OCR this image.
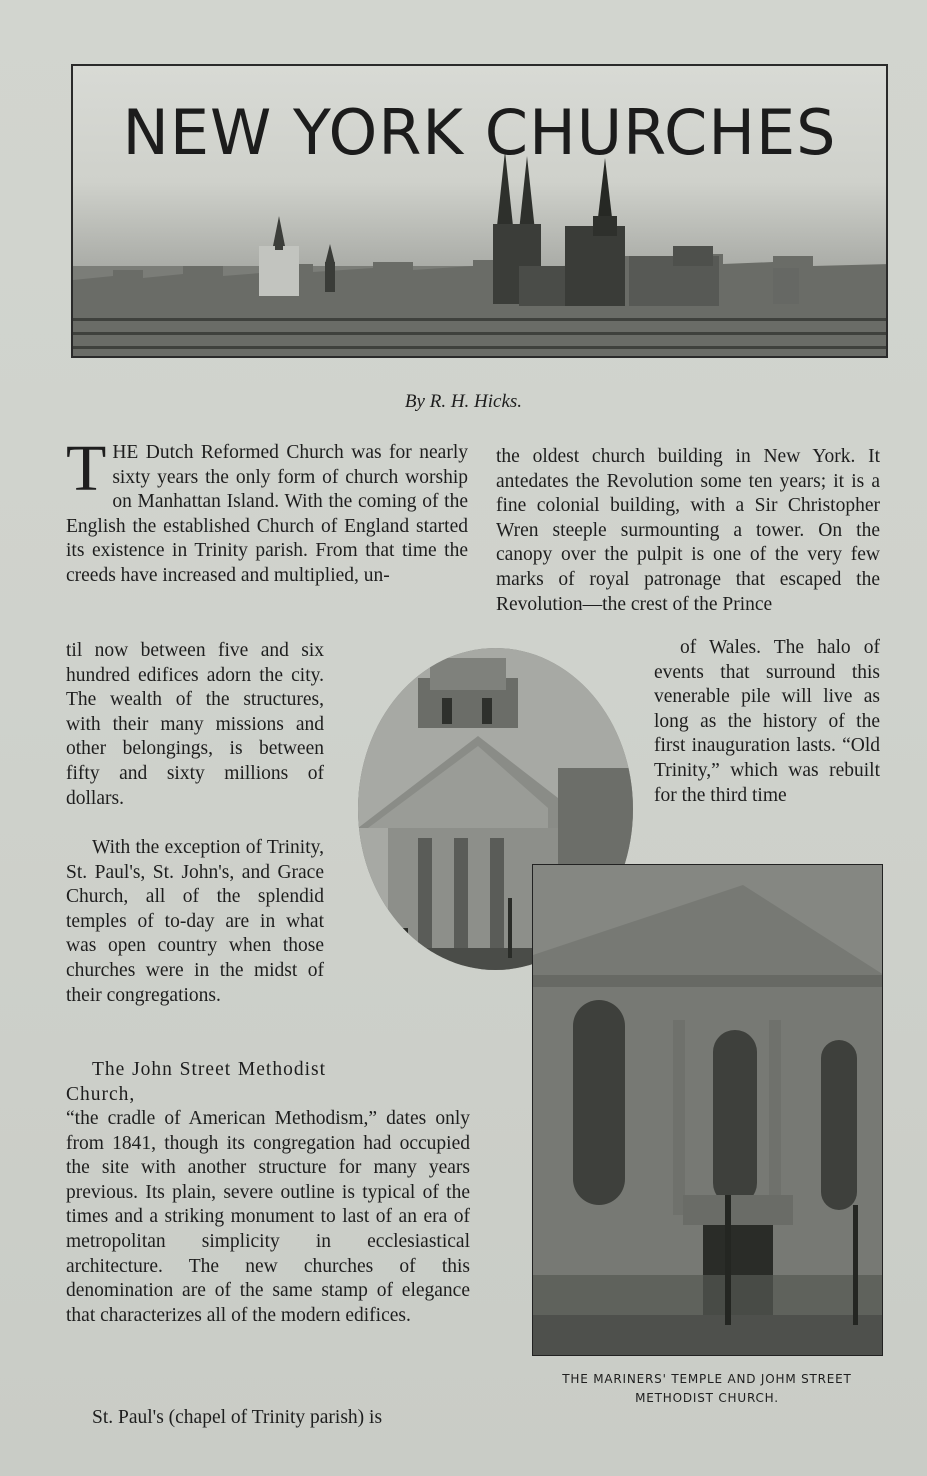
NEW YORK CHURCHES

By R. H. Hicks.

THE Dutch Reformed Church was for nearly sixty years the only form of church worship on Manhattan Island. With the coming of the English the established Church of England started its existence in Trinity parish. From that time the creeds have increased and multiplied, un-

til now between five and six hundred edifices adorn the city. The wealth of the structures, with their many missions and other belongings, is between fifty and sixty millions of dollars.

With the exception of Trinity, St. Paul's, St. John's, and Grace Church, all of the splendid temples of to-day are in what was open country when those churches were in the midst of their congregations.

The John Street Methodist Church,

“the cradle of American Methodism,” dates only from 1841, though its congregation had occupied the site with another structure for many years previous. Its plain, severe outline is typical of the times and a striking monument to last of an era of metropolitan simplicity in ecclesiastical architecture. The new churches of this denomination are of the same stamp of elegance that characterizes all of the modern edifices.

St. Paul's (chapel of Trinity parish) is

the oldest church building in New York. It antedates the Revolution some ten years; it is a fine colonial building, with a Sir Christopher Wren steeple surmounting a tower. On the canopy over the pulpit is one of the very few marks of royal patronage that escaped the Revolution—the crest of the Prince

of Wales. The halo of events that surround this venerable pile will live as long as the history of the first inauguration lasts. “Old Trinity,” which was rebuilt for the third time

THE MARINERS' TEMPLE AND JOHM STREET
METHODIST CHURCH.
